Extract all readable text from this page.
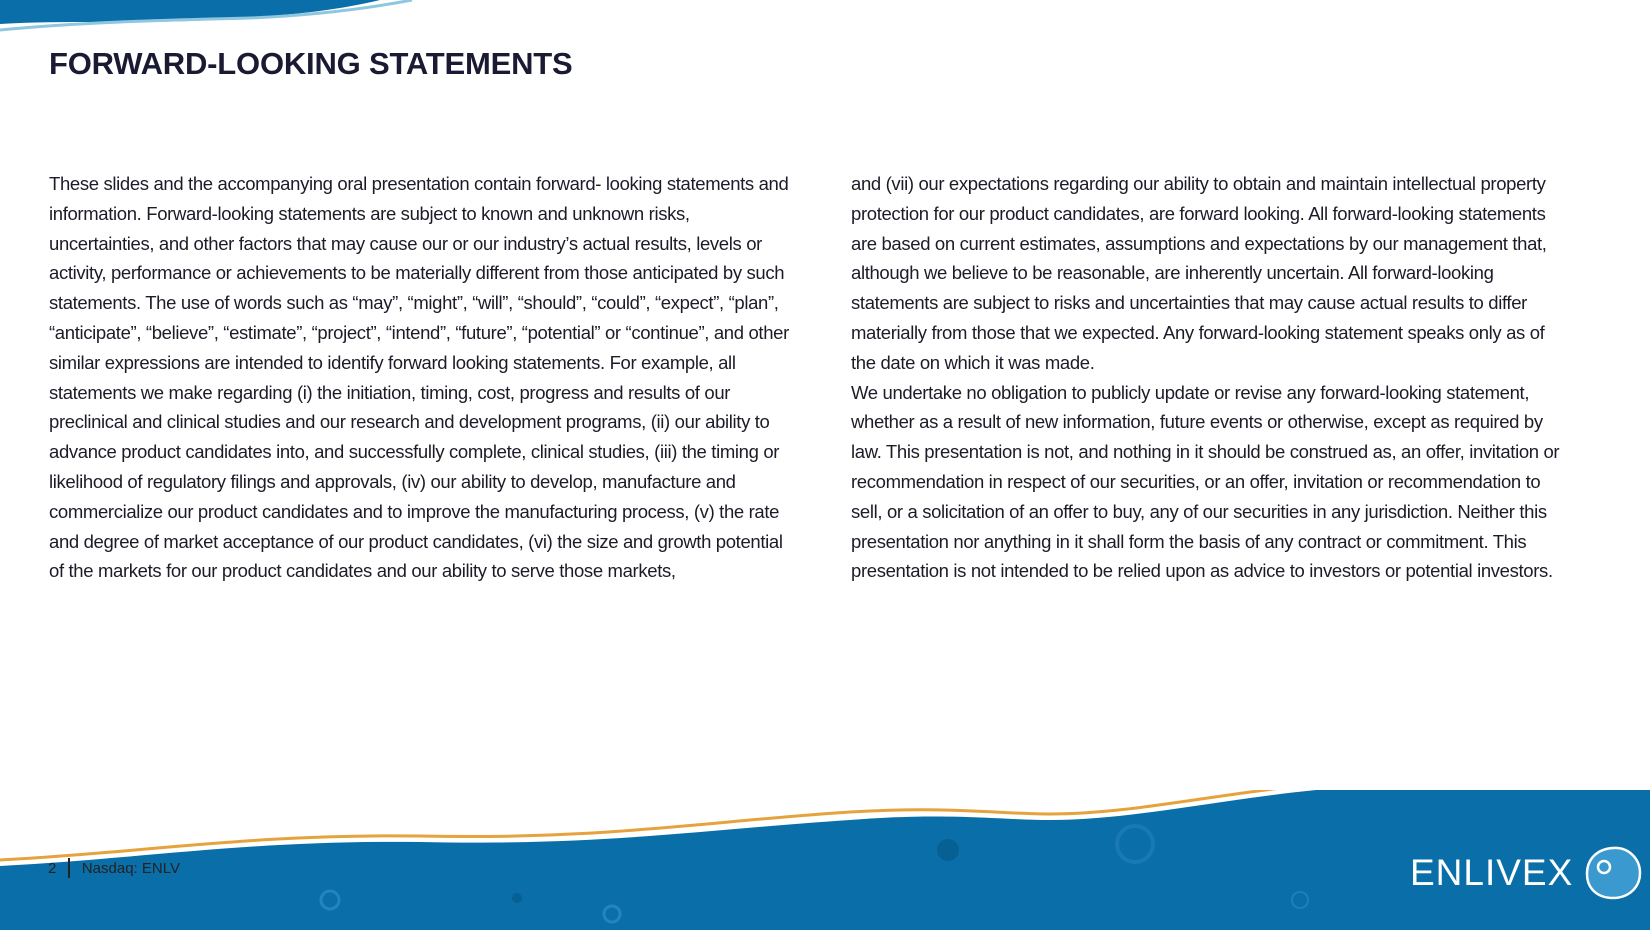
FORWARD-LOOKING STATEMENTS

These slides and the accompanying oral presentation contain forward- looking statements and information. Forward-looking statements are subject to known and unknown risks, uncertainties, and other factors that may cause our or our industry’s actual results, levels or activity, performance or achievements to be materially different from those anticipated by such statements. The use of words such as “may”, “might”, “will”, “should”, “could”, “expect”, “plan”, “anticipate”, “believe”, “estimate”, “project”, “intend”, “future”, “potential” or “continue”, and other similar expressions are intended to identify forward looking statements. For example, all statements we make regarding (i) the initiation, timing, cost, progress and results of our preclinical and clinical studies and our research and development programs, (ii) our ability to advance product candidates into, and successfully complete, clinical studies, (iii) the timing or likelihood of regulatory filings and approvals, (iv) our ability to develop, manufacture and commercialize our product candidates and to improve the manufacturing process, (v) the rate and degree of market acceptance of our product candidates, (vi) the size and growth potential of the markets for our product candidates and our ability to serve those markets,

and (vii) our expectations regarding our ability to obtain and maintain intellectual property protection for our product candidates, are forward looking. All forward-looking statements are based on current estimates, assumptions and expectations by our management that, although we believe to be reasonable, are inherently uncertain. All forward-looking statements are subject to risks and uncertainties that may cause actual results to differ materially from those that we expected. Any forward-looking statement speaks only as of the date on which it was made.

We undertake no obligation to publicly update or revise any forward-looking statement, whether as a result of new information, future events or otherwise, except as required by law. This presentation is not, and nothing in it should be construed as, an offer, invitation or recommendation in respect of our securities, or an offer, invitation or recommendation to sell, or a solicitation of an offer to buy, any of our securities in any jurisdiction. Neither this presentation nor anything in it shall form the basis of any contract or commitment. This presentation is not intended to be relied upon as advice to investors or potential investors.

2 Nasdaq: ENLV	ENLIVEX
